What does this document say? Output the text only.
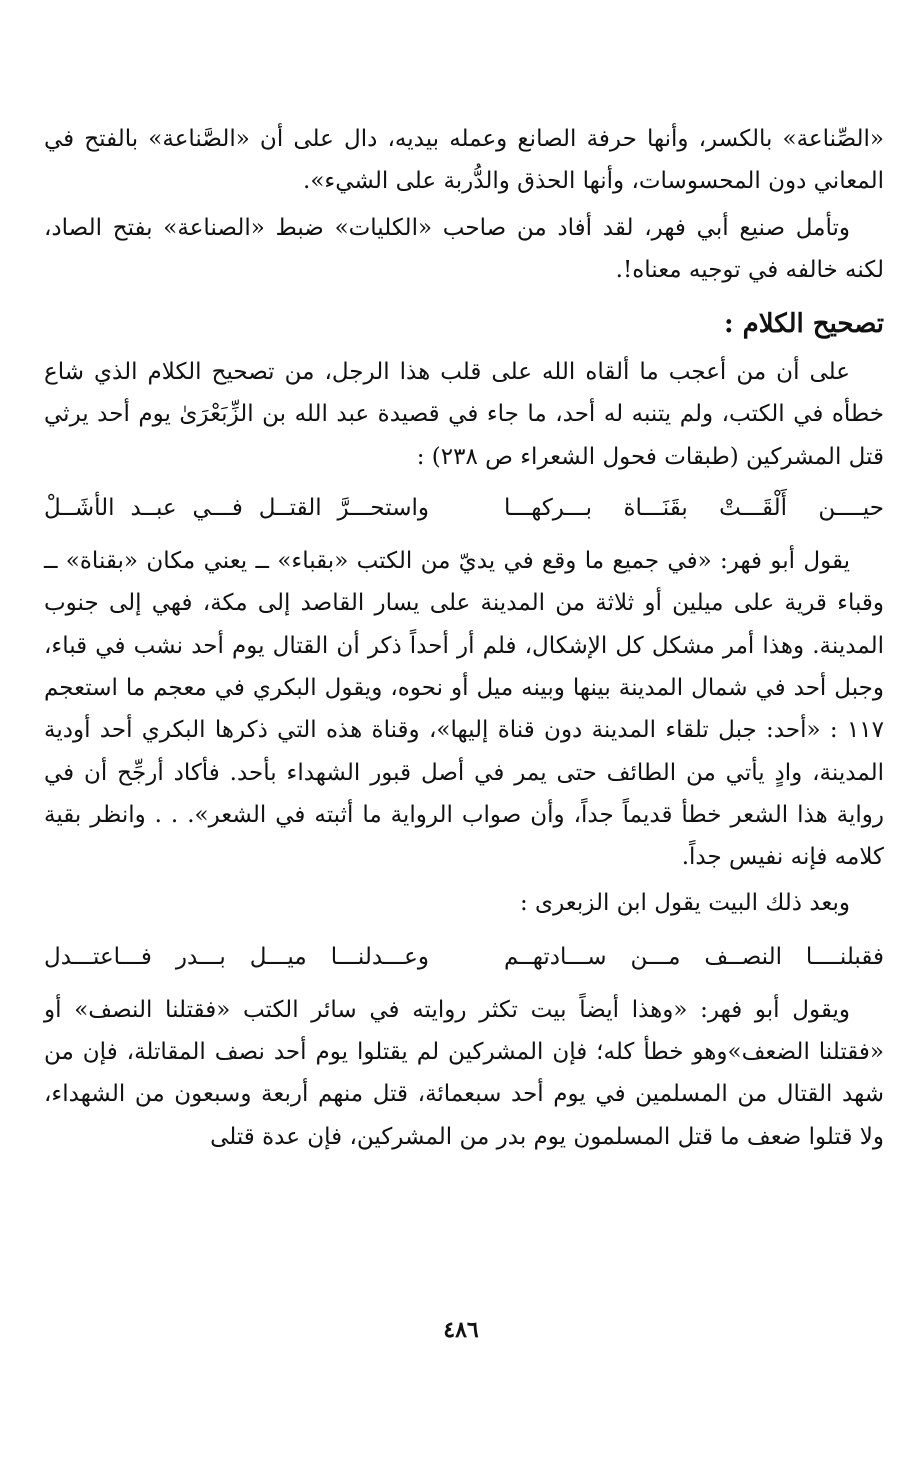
«الصِّناعة» بالكسر، وأنها حرفة الصانع وعمله بيديه، دال على أن «الصَّناعة» بالفتح في المعاني دون المحسوسات، وأنها الحذق والدُّربة على الشيء».

وتأمل صنيع أبي فهر، لقد أفاد من صاحب «الكليات» ضبط «الصناعة» بفتح الصاد، لكنه خالفه في توجيه معناه!.

تصحيح الكلام :

على أن من أعجب ما ألقاه الله على قلب هذا الرجل، من تصحيح الكلام الذي شاع خطأه في الكتب، ولم يتنبه له أحد، ما جاء في قصيدة عبد الله بن الزِّبَعْرَىٰ يوم أحد يرثي قتل المشركين (طبقات فحول الشعراء ص ٢٣٨) :

حيــــن أَلْقَـــتْ بقَنَـــاة بـــركهـــا
واستحـــرَّ القتــل فـــي عبــد الأشَــلْ

يقول أبو فهر: «في جميع ما وقع في يديّ من الكتب «بقباء» ــ يعني مكان «بقناة» ــ وقباء قرية على ميلين أو ثلاثة من المدينة على يسار القاصد إلى مكة، فهي إلى جنوب المدينة. وهذا أمر مشكل كل الإشكال، فلم أر أحداً ذكر أن القتال يوم أحد نشب في قباء، وجبل أحد في شمال المدينة بينها وبينه ميل أو نحوه، ويقول البكري في معجم ما استعجم ١١٧ : «أحد: جبل تلقاء المدينة دون قناة إليها»، وقناة هذه التي ذكرها البكري أحد أودية المدينة، وادٍ يأتي من الطائف حتى يمر في أصل قبور الشهداء بأحد. فأكاد أرجِّح أن في رواية هذا الشعر خطأ قديماً جداً، وأن صواب الرواية ما أثبته في الشعر». . . وانظر بقية كلامه فإنه نفيس جداً.

وبعد ذلك البيت يقول ابن الزبعرى :

فقبلنــــا النصــف مـــن ســـادتهــم
وعـــدلنـــا ميـــل بـــدر فـــاعتـــدل

ويقول أبو فهر: «وهذا أيضاً بيت تكثر روايته في سائر الكتب «فقتلنا النصف» أو «فقتلنا الضعف»وهو خطأ كله؛ فإن المشركين لم يقتلوا يوم أحد نصف المقاتلة، فإن من شهد القتال من المسلمين في يوم أحد سبعمائة، قتل منهم أربعة وسبعون من الشهداء، ولا قتلوا ضعف ما قتل المسلمون يوم بدر من المشركين، فإن عدة قتلى

٤٨٦
